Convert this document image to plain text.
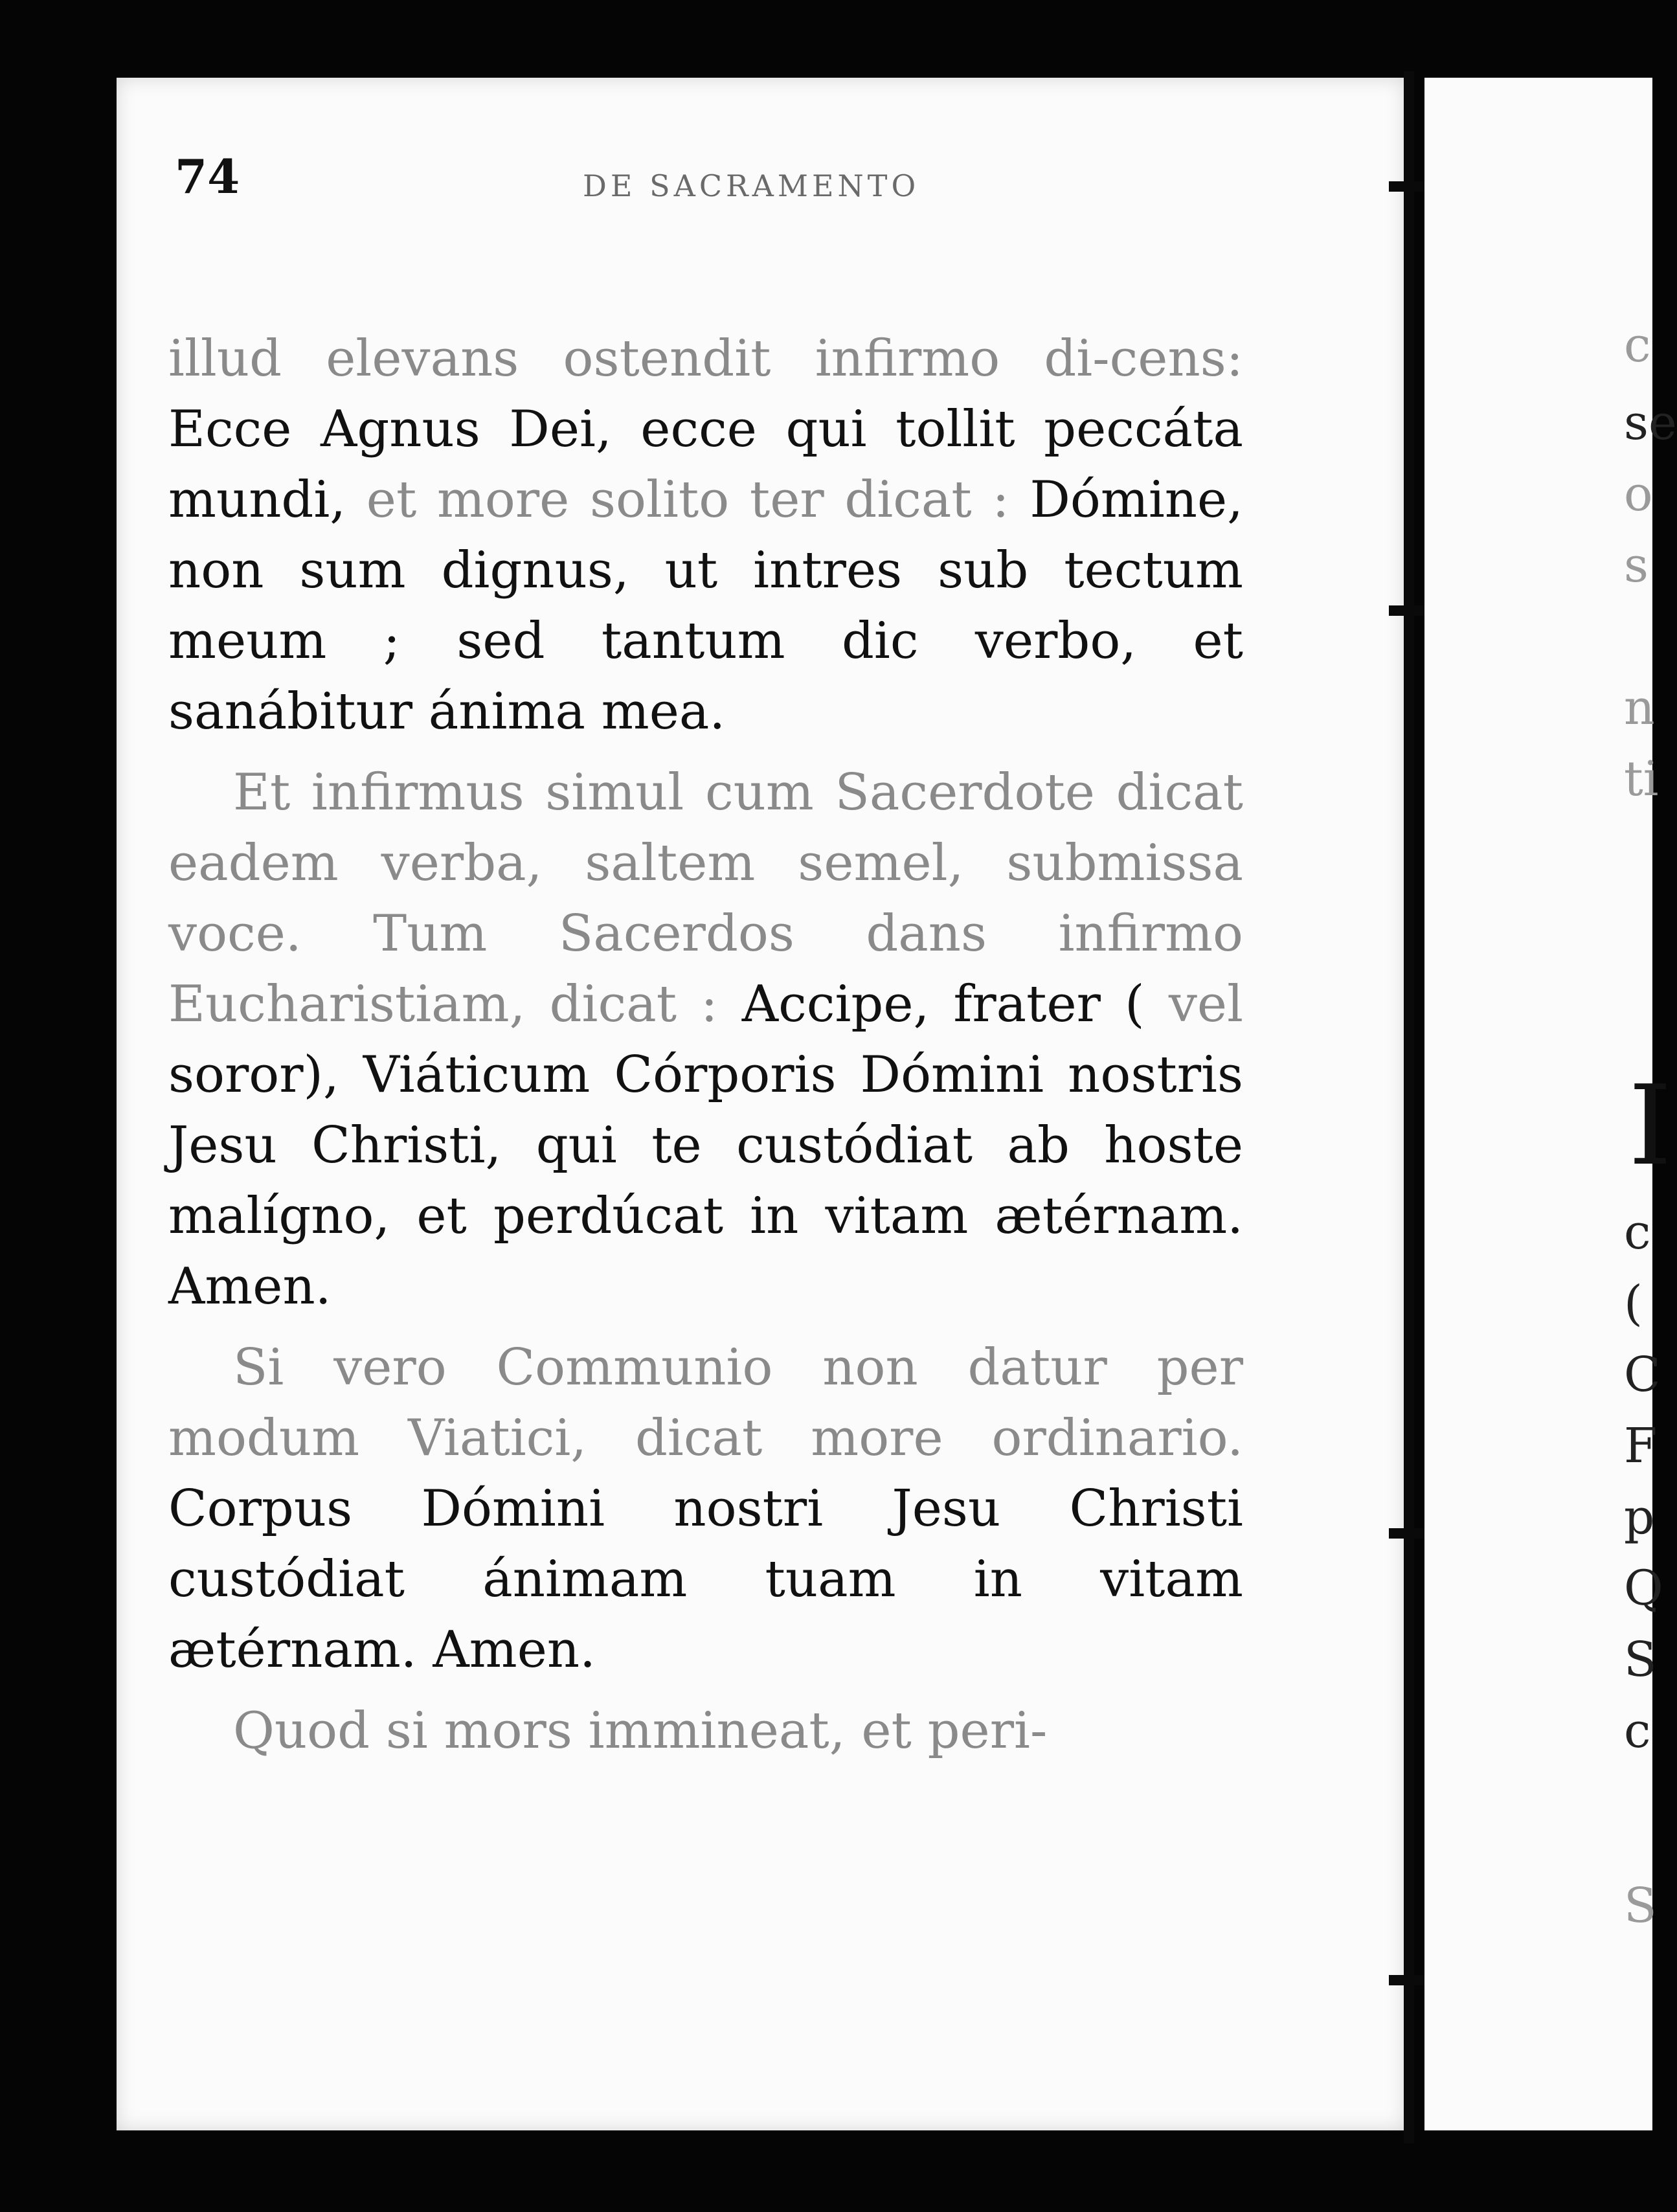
74	DE SACRAMENTO

illud elevans ostendit infirmo di-cens: Ecce Agnus Dei, ecce qui tollit peccáta mundi, et more solito ter dicat : Dómine, non sum dignus, ut intres sub tectum meum ; sed tantum dic verbo, et sanábitur ánima mea.

Et infirmus simul cum Sacerdote dicat eadem verba, saltem semel, submissa voce. Tum Sacerdos dans infirmo Eucharistiam, dicat : Accipe, frater ( vel soror), Viáticum Córporis Dómini nostris Jesu Christi, qui te custódiat ab hoste malígno, et perdúcat in vitam ætérnam. Amen.

Si vero Communio non datur per modum Viatici, dicat more ordinario. Corpus Dómini nostri Jesu Christi custódiat ánimam tuam in vitam ætérnam. Amen.

Quod si mors immineat, et peri-

c
se
o
s
n
ti
I
c
(
C
F
p
Q
S
c
S
